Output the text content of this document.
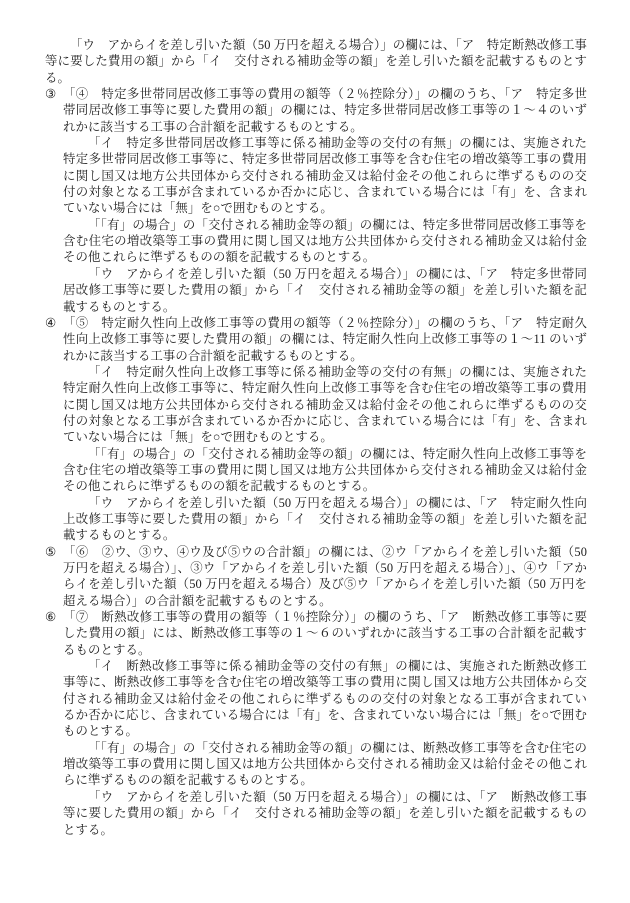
「ウ　アからイを差し引いた額（50 万円を超える場合）」の欄には、「ア　特定断熱改修工事等に要した費用の額」から「イ　交付される補助金等の額」を差し引いた額を記載するものとする。

③ 「④　特定多世帯同居改修工事等の費用の額等（２％控除分）」の欄のうち、「ア　特定多世帯同居改修工事等に要した費用の額」の欄には、特定多世帯同居改修工事等の１～４のいずれかに該当する工事の合計額を記載するものとする。

「イ　特定多世帯同居改修工事等に係る補助金等の交付の有無」の欄には、実施された特定多世帯同居改修工事等に、特定多世帯同居改修工事等を含む住宅の増改築等工事の費用に関し国又は地方公共団体から交付される補助金又は給付金その他これらに準ずるものの交付の対象となる工事が含まれているか否かに応じ、含まれている場合には「有」を、含まれていない場合には「無」を○で囲むものとする。

「「有」の場合」の「交付される補助金等の額」の欄には、特定多世帯同居改修工事等を含む住宅の増改築等工事の費用に関し国又は地方公共団体から交付される補助金又は給付金その他これらに準ずるものの額を記載するものとする。

「ウ　アからイを差し引いた額（50 万円を超える場合）」の欄には、「ア　特定多世帯同居改修工事等に要した費用の額」から「イ　交付される補助金等の額」を差し引いた額を記載するものとする。

④ 「⑤　特定耐久性向上改修工事等の費用の額等（２％控除分）」の欄のうち、「ア　特定耐久性向上改修工事等に要した費用の額」の欄には、特定耐久性向上改修工事等の１～11 のいずれかに該当する工事の合計額を記載するものとする。

「イ　特定耐久性向上改修工事等に係る補助金等の交付の有無」の欄には、実施された特定耐久性向上改修工事等に、特定耐久性向上改修工事等を含む住宅の増改築等工事の費用に関し国又は地方公共団体から交付される補助金又は給付金その他これらに準ずるものの交付の対象となる工事が含まれているか否かに応じ、含まれている場合には「有」を、含まれていない場合には「無」を○で囲むものとする。

「「有」の場合」の「交付される補助金等の額」の欄には、特定耐久性向上改修工事等を含む住宅の増改築等工事の費用に関し国又は地方公共団体から交付される補助金又は給付金その他これらに準ずるものの額を記載するものとする。

「ウ　アからイを差し引いた額（50 万円を超える場合）」の欄には、「ア　特定耐久性向上改修工事等に要した費用の額」から「イ　交付される補助金等の額」を差し引いた額を記載するものとする。

⑤ 「⑥　②ウ、③ウ、④ウ及び⑤ウの合計額」の欄には、②ウ「アからイを差し引いた額（50 万円を超える場合）」、③ウ「アからイを差し引いた額（50 万円を超える場合）」、④ウ「アからイを差し引いた額（50 万円を超える場合）及び⑤ウ「アからイを差し引いた額（50 万円を超える場合）」の合計額を記載するものとする。

⑥ 「⑦　断熱改修工事等の費用の額等（１％控除分）」の欄のうち、「ア　断熱改修工事等に要した費用の額」には、断熱改修工事等の１～６のいずれかに該当する工事の合計額を記載するものとする。

「イ　断熱改修工事等に係る補助金等の交付の有無」の欄には、実施された断熱改修工事等に、断熱改修工事等を含む住宅の増改築等工事の費用に関し国又は地方公共団体から交付される補助金又は給付金その他これらに準ずるものの交付の対象となる工事が含まれているか否かに応じ、含まれている場合には「有」を、含まれていない場合には「無」を○で囲むものとする。

「「有」の場合」の「交付される補助金等の額」の欄には、断熱改修工事等を含む住宅の増改築等工事の費用に関し国又は地方公共団体から交付される補助金又は給付金その他これらに準ずるものの額を記載するものとする。

「ウ　アからイを差し引いた額（50 万円を超える場合）」の欄には、「ア　断熱改修工事等に要した費用の額」から「イ　交付される補助金等の額」を差し引いた額を記載するものとする。
